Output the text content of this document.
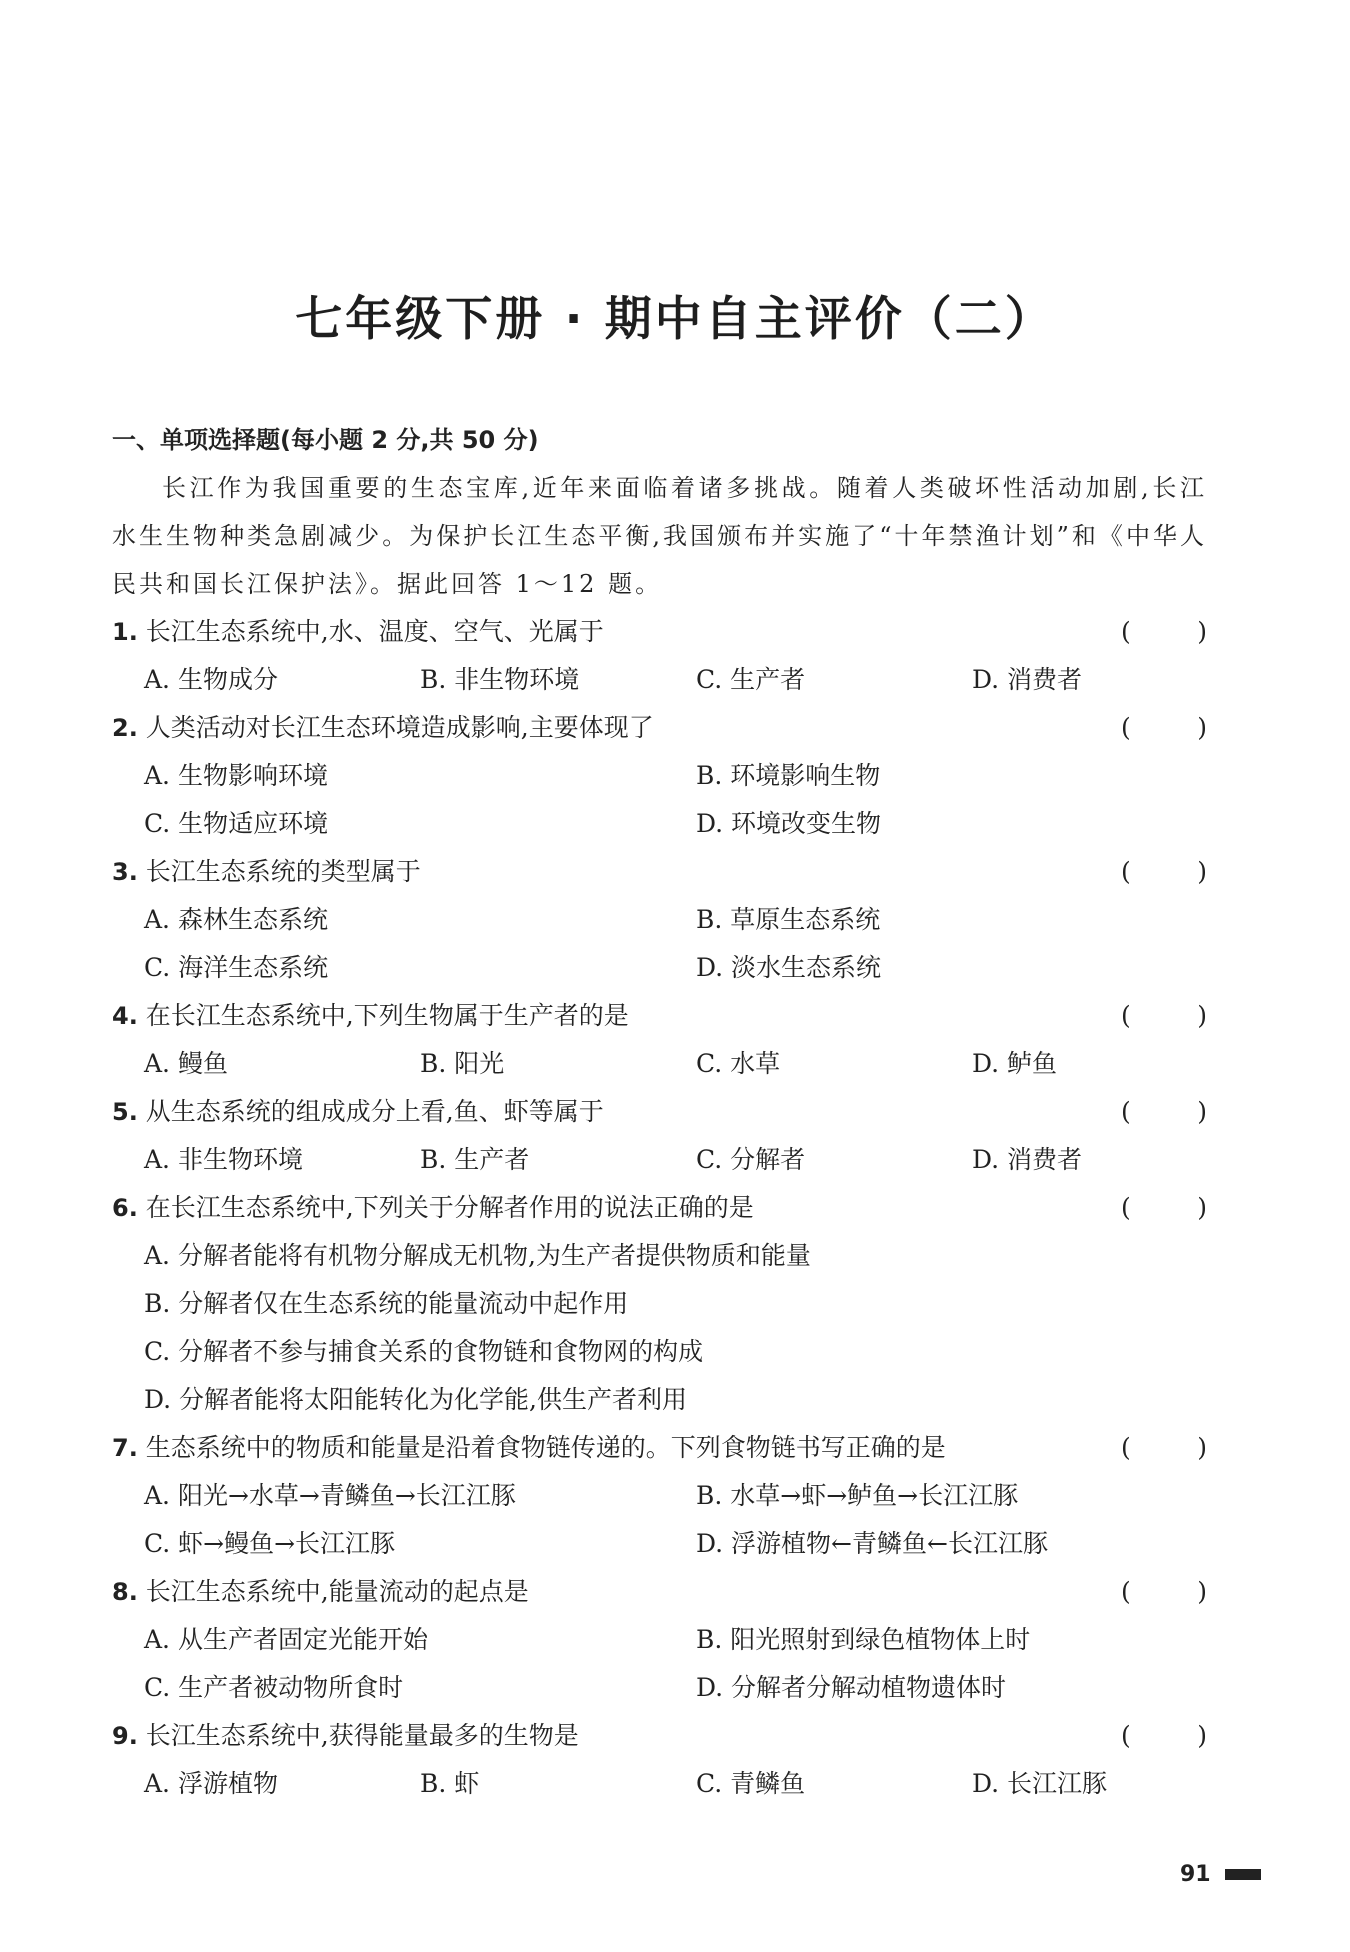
七年级下册 · 期中自主评价（二）
一、单项选择题(每小题 2 分,共 50 分)
长江作为我国重要的生态宝库,近年来面临着诸多挑战。随着人类破坏性活动加剧,长江水生生物种类急剧减少。为保护长江生态平衡,我国颁布并实施了“十年禁渔计划”和《中华人民共和国长江保护法》。据此回答 1～12 题。
1. 长江生态系统中,水、温度、空气、光属于	(	)
A. 生物成分	B. 非生物环境	C. 生产者	D. 消费者
2. 人类活动对长江生态环境造成影响,主要体现了	(	)
A. 生物影响环境	B. 环境影响生物
C. 生物适应环境	D. 环境改变生物
3. 长江生态系统的类型属于	(	)
A. 森林生态系统	B. 草原生态系统
C. 海洋生态系统	D. 淡水生态系统
4. 在长江生态系统中,下列生物属于生产者的是	(	)
A. 鳗鱼	B. 阳光	C. 水草	D. 鲈鱼
5. 从生态系统的组成成分上看,鱼、虾等属于	(	)
A. 非生物环境	B. 生产者	C. 分解者	D. 消费者
6. 在长江生态系统中,下列关于分解者作用的说法正确的是	(	)
A. 分解者能将有机物分解成无机物,为生产者提供物质和能量
B. 分解者仅在生态系统的能量流动中起作用
C. 分解者不参与捕食关系的食物链和食物网的构成
D. 分解者能将太阳能转化为化学能,供生产者利用
7. 生态系统中的物质和能量是沿着食物链传递的。下列食物链书写正确的是	(	)
A. 阳光→水草→青鳞鱼→长江江豚	B. 水草→虾→鲈鱼→长江江豚
C. 虾→鳗鱼→长江江豚	D. 浮游植物←青鳞鱼←长江江豚
8. 长江生态系统中,能量流动的起点是	(	)
A. 从生产者固定光能开始	B. 阳光照射到绿色植物体上时
C. 生产者被动物所食时	D. 分解者分解动植物遗体时
9. 长江生态系统中,获得能量最多的生物是	(	)
A. 浮游植物	B. 虾	C. 青鳞鱼	D. 长江江豚
91
